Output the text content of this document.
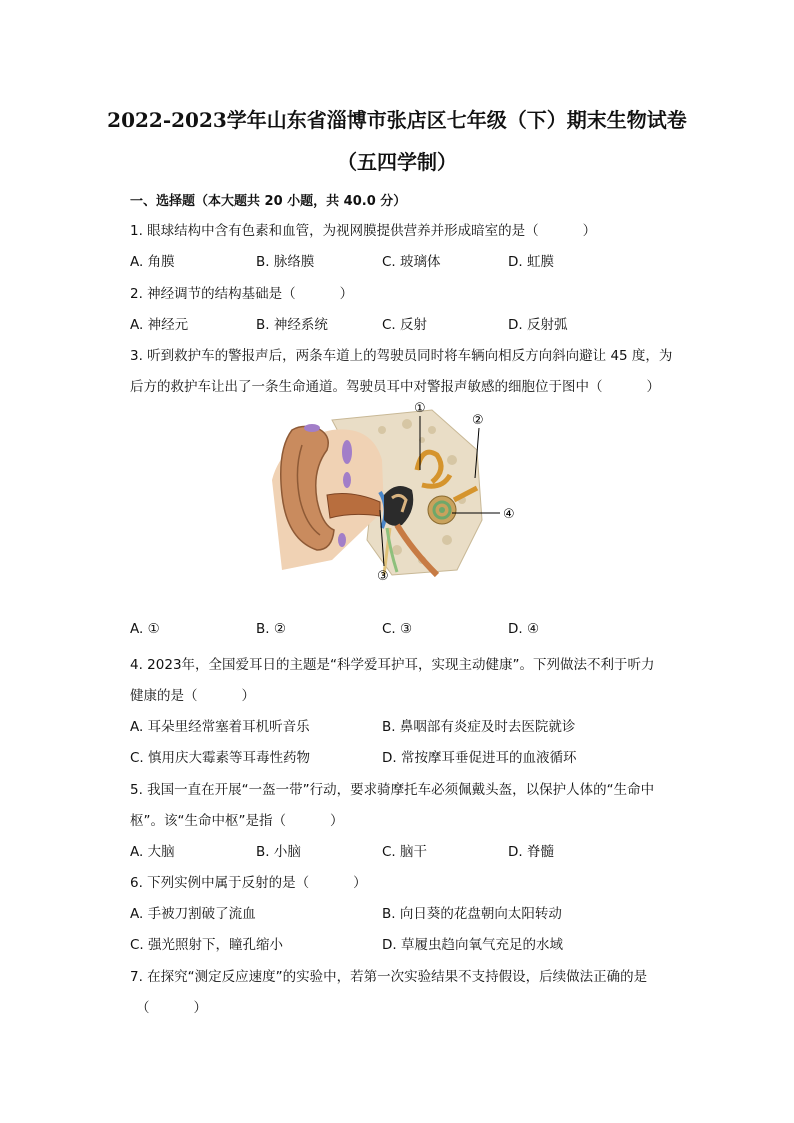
2022-2023学年山东省淄博市张店区七年级（下）期末生物试卷
（五四学制）
一、选择题（本大题共 20 小题，共 40.0 分）
1. 眼球结构中含有色素和血管，为视网膜提供营养并形成暗室的是（	）
A. 角膜	B. 脉络膜	C. 玻璃体	D. 虹膜
2. 神经调节的结构基础是（	）
A. 神经元	B. 神经系统	C. 反射	D. 反射弧
3. 听到救护车的警报声后，两条车道上的驾驶员同时将车辆向相反方向斜向避让 45 度，为
后方的救护车让出了一条生命通道。驾驶员耳中对警报声敏感的细胞位于图中（	）
①
②
④
③
A. ①	B. ②	C. ③	D. ④
4. 2023年，全国爱耳日的主题是“科学爱耳护耳，实现主动健康”。下列做法不利于听力
健康的是（	）
A. 耳朵里经常塞着耳机听音乐	B. 鼻咽部有炎症及时去医院就诊
C. 慎用庆大霉素等耳毒性药物	D. 常按摩耳垂促进耳的血液循环
5. 我国一直在开展“一盔一带”行动，要求骑摩托车必须佩戴头盔，以保护人体的“生命中
枢”。该“生命中枢”是指（	）
A. 大脑	B. 小脑	C. 脑干	D. 脊髓
6. 下列实例中属于反射的是（	）
A. 手被刀割破了流血	B. 向日葵的花盘朝向太阳转动
C. 强光照射下，瞳孔缩小	D. 草履虫趋向氧气充足的水域
7. 在探究“测定反应速度”的实验中，若第一次实验结果不支持假设，后续做法正确的是
（	）
